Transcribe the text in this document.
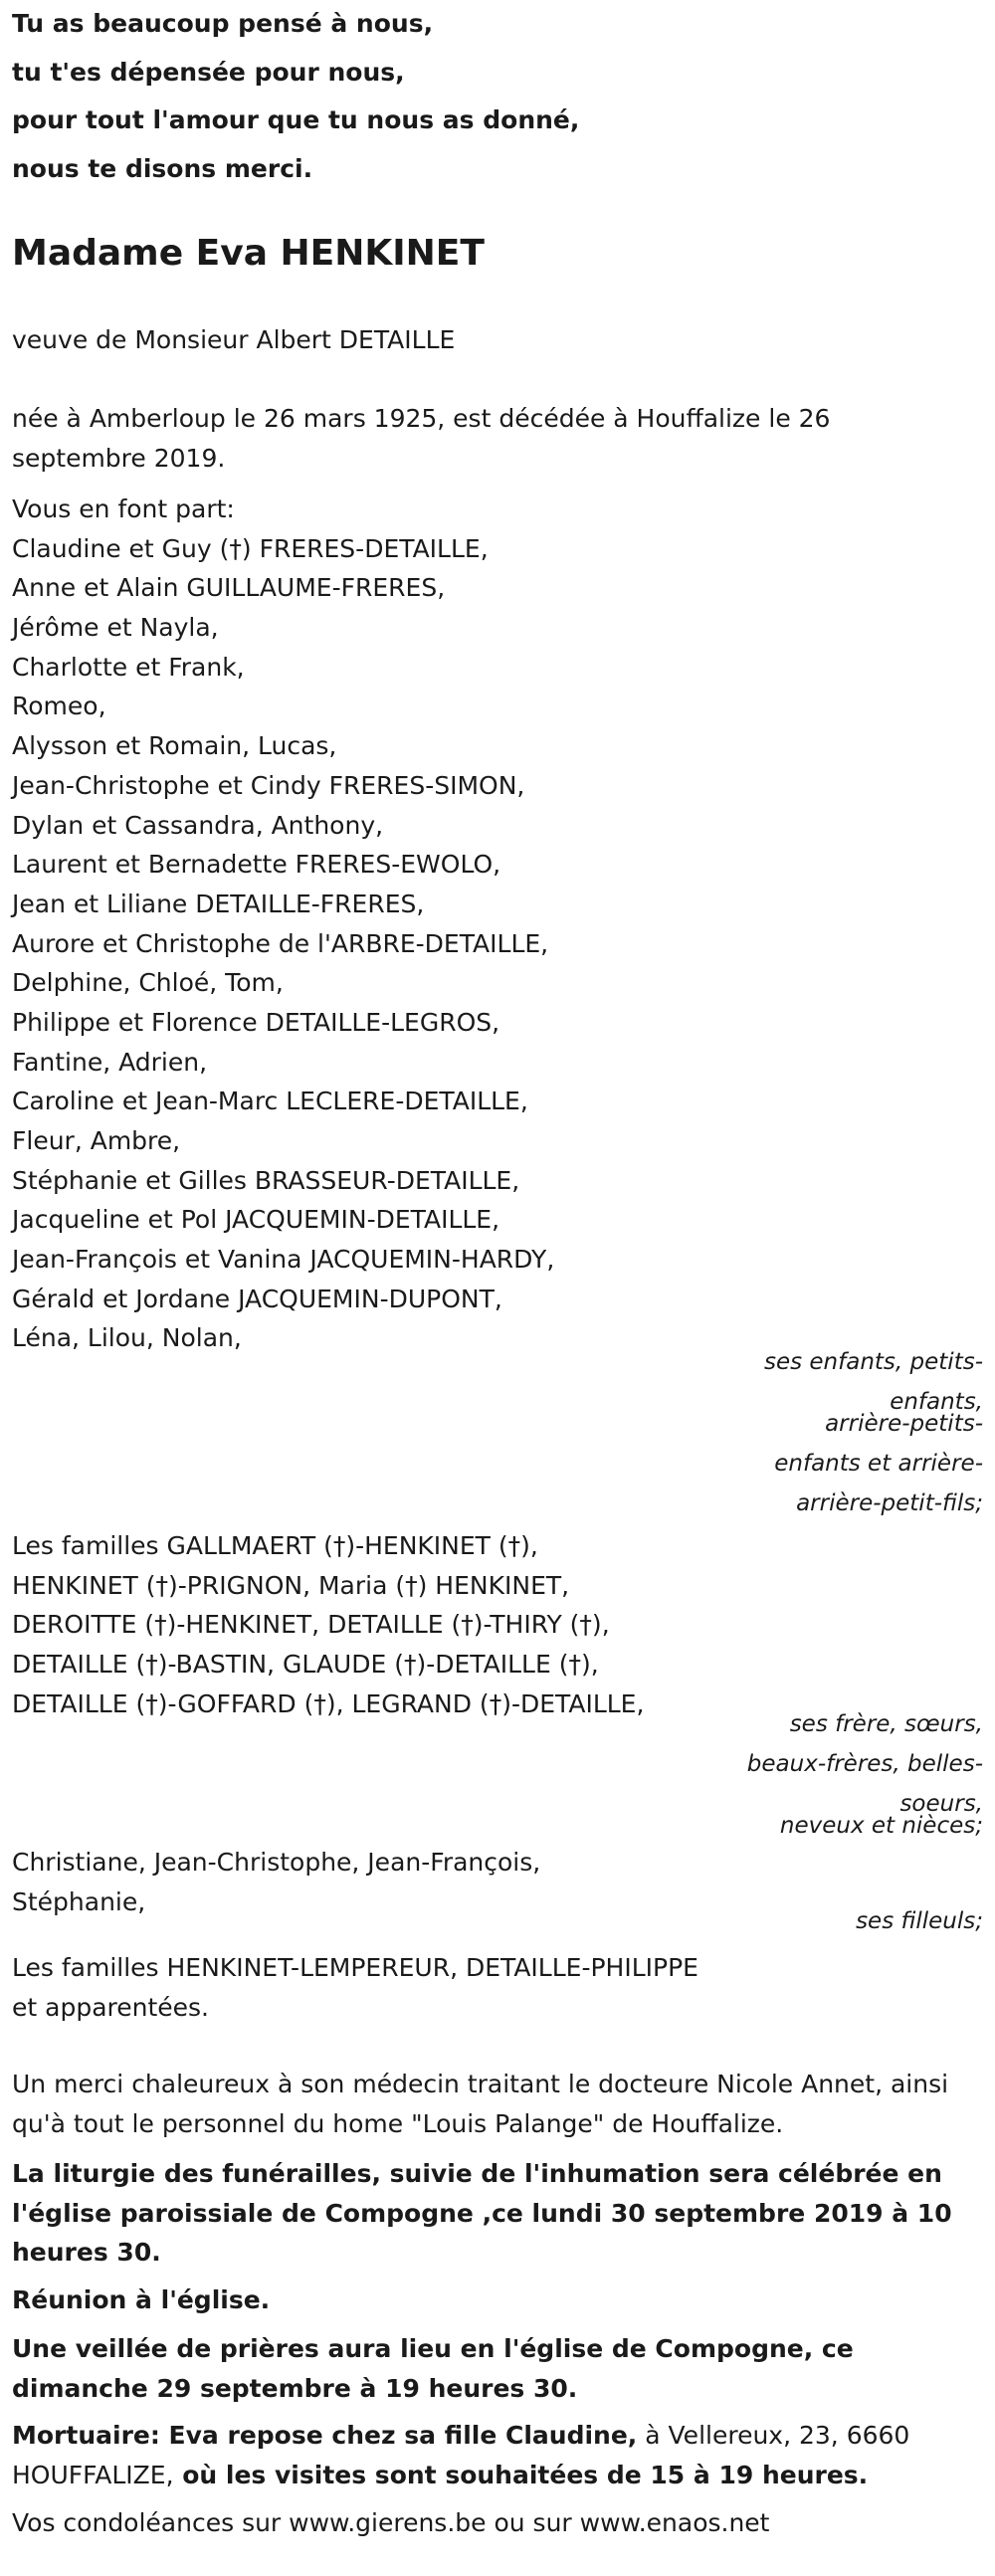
Tu as beaucoup pensé à nous,
tu t'es dépensée pour nous,
pour tout l'amour que tu nous as donné,
nous te disons merci.
Madame Eva HENKINET
veuve de Monsieur Albert DETAILLE
née à Amberloup le 26 mars 1925, est décédée à Houffalize le 26 septembre 2019.
Vous en font part:
Claudine et Guy (†) FRERES-DETAILLE,
Anne et Alain GUILLAUME-FRERES,
Jérôme et Nayla,
Charlotte et Frank,
Romeo,
Alysson et Romain, Lucas,
Jean-Christophe et Cindy FRERES-SIMON,
Dylan et Cassandra, Anthony,
Laurent et Bernadette FRERES-EWOLO,
Jean et Liliane DETAILLE-FRERES,
Aurore et Christophe de l'ARBRE-DETAILLE,
Delphine, Chloé, Tom,
Philippe et Florence DETAILLE-LEGROS,
Fantine, Adrien,
Caroline et Jean-Marc LECLERE-DETAILLE,
Fleur, Ambre,
Stéphanie et Gilles BRASSEUR-DETAILLE,
Jacqueline et Pol JACQUEMIN-DETAILLE,
Jean-François et Vanina JACQUEMIN-HARDY,
Gérald et Jordane JACQUEMIN-DUPONT,
Léna, Lilou, Nolan,
ses enfants, petits-
enfants,
arrière-petits-
enfants et arrière-
arrière-petit-fils;
Les familles GALLMAERT (†)-HENKINET (†),
HENKINET (†)-PRIGNON, Maria (†) HENKINET,
DEROITTE (†)-HENKINET, DETAILLE (†)-THIRY (†),
DETAILLE (†)-BASTIN, GLAUDE (†)-DETAILLE (†),
DETAILLE (†)-GOFFARD (†), LEGRAND (†)-DETAILLE,
ses frère, sœurs,
beaux-frères, belles-
soeurs,
neveux et nièces;
Christiane, Jean-Christophe, Jean-François,
Stéphanie,
ses filleuls;
Les familles HENKINET-LEMPEREUR, DETAILLE-PHILIPPE
et apparentées.
Un merci chaleureux à son médecin traitant le docteure Nicole Annet, ainsi qu'à tout le personnel du home "Louis Palange" de Houffalize.
La liturgie des funérailles, suivie de l'inhumation sera célébrée en l'église paroissiale de Compogne ,ce lundi 30 septembre 2019 à 10 heures 30.
Réunion à l'église.
Une veillée de prières aura lieu en l'église de Compogne, ce dimanche 29 septembre à 19 heures 30.
Mortuaire: Eva repose chez sa fille Claudine, à Vellereux, 23, 6660 HOUFFALIZE, où les visites sont souhaitées de 15 à 19 heures.
Vos condoléances sur www.gierens.be ou sur www.enaos.net
